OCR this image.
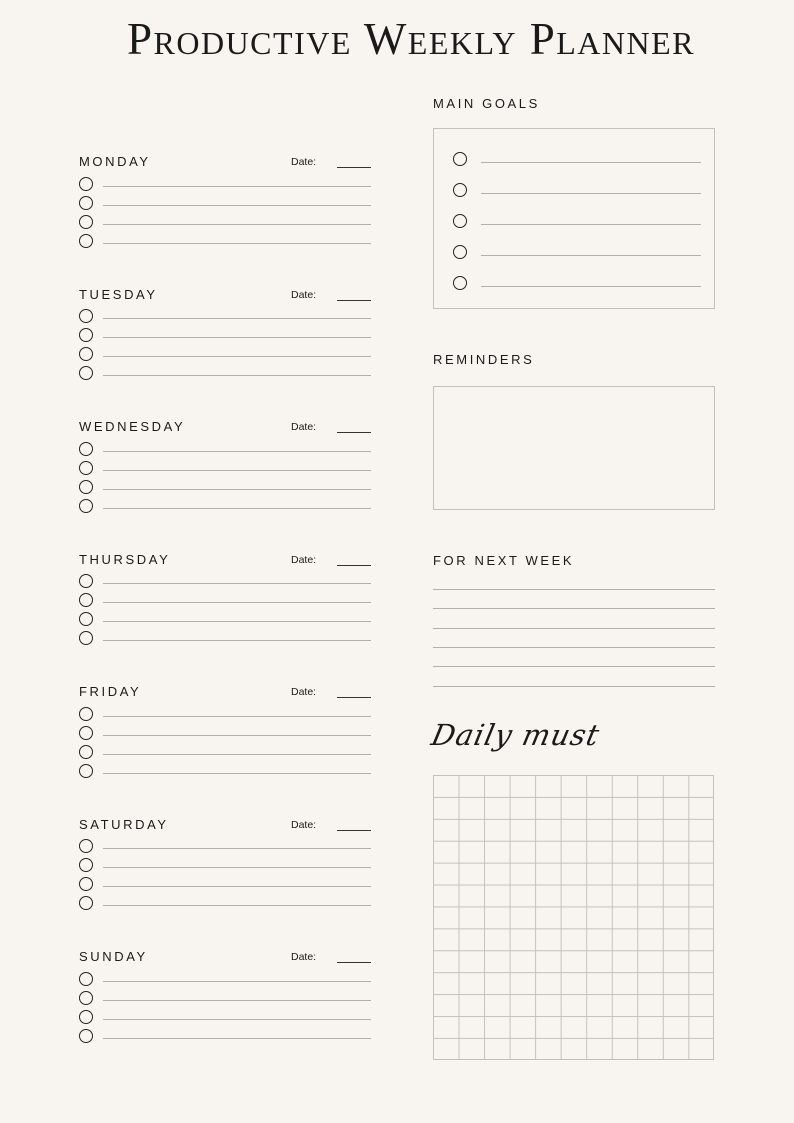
Productive Weekly Planner
MONDAY	Date:
TUESDAY	Date:
WEDNESDAY	Date:
THURSDAY	Date:
FRIDAY	Date:
SATURDAY	Date:
SUNDAY	Date:
MAIN GOALS
REMINDERS
FOR NEXT WEEK
Daily must
